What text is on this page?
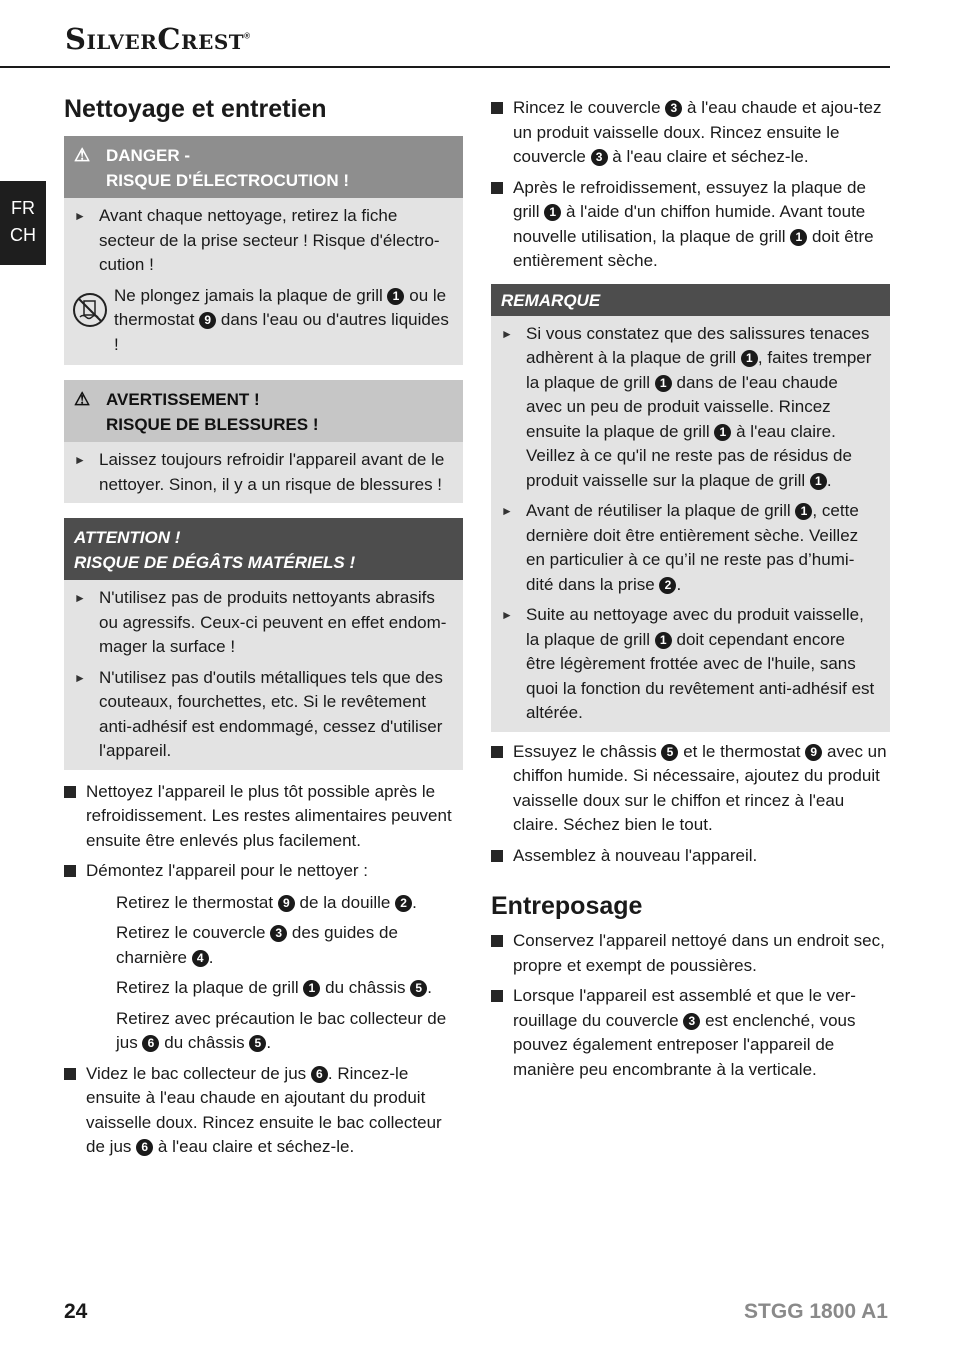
SilverCrest®
FR
CH
Nettoyage et entretien
⚠ DANGER -
RISQUE D'ÉLECTROCUTION !
► Avant chaque nettoyage, retirez la fiche secteur de la prise secteur ! Risque d'électro-cution !
Ne plongez jamais la plaque de grill 1 ou le thermostat 9 dans l'eau ou d'autres liquides !
⚠ AVERTISSEMENT !
RISQUE DE BLESSURES !
► Laissez toujours refroidir l'appareil avant de le nettoyer. Sinon, il y a un risque de blessures !
ATTENTION !
RISQUE DE DÉGÂTS MATÉRIELS !
► N'utilisez pas de produits nettoyants abrasifs ou agressifs. Ceux-ci peuvent en effet endom-mager la surface !
► N'utilisez pas d'outils métalliques tels que des couteaux, fourchettes, etc. Si le revêtement anti-adhésif est endommagé, cessez d'utiliser l'appareil.
Nettoyez l'appareil le plus tôt possible après le refroidissement. Les restes alimentaires peuvent ensuite être enlevés plus facilement.
Démontez l'appareil pour le nettoyer :
Retirez le thermostat 9 de la douille 2 .
Retirez le couvercle 3 des guides de charnière 4 .
Retirez la plaque de grill 1 du châssis 5 .
Retirez avec précaution le bac collecteur de jus 6 du châssis 5 .
Videz le bac collecteur de jus 6 . Rincez-le ensuite à l'eau chaude en ajoutant du produit vaisselle doux. Rincez ensuite le bac collecteur de jus 6 à l'eau claire et séchez-le.
Rincez le couvercle 3 à l'eau chaude et ajou-tez un produit vaisselle doux. Rincez ensuite le couvercle 3 à l'eau claire et séchez-le.
Après le refroidissement, essuyez la plaque de grill 1 à l'aide d'un chiffon humide. Avant toute nouvelle utilisation, la plaque de grill 1 doit être entièrement sèche.
REMARQUE
► Si vous constatez que des salissures tenaces adhèrent à la plaque de grill 1 , faites tremper la plaque de grill 1 dans de l'eau chaude avec un peu de produit vaisselle. Rincez ensuite la plaque de grill 1 à l'eau claire. Veillez à ce qu'il ne reste pas de résidus de produit vaisselle sur la plaque de grill 1 .
► Avant de réutiliser la plaque de grill 1 , cette dernière doit être entièrement sèche. Veillez en particulier à ce qu’il ne reste pas d’humi-dité dans la prise 2 .
► Suite au nettoyage avec du produit vaisselle, la plaque de grill 1 doit cependant encore être légèrement frottée avec de l'huile, sans quoi la fonction du revêtement anti-adhésif est altérée.
Essuyez le châssis 5 et le thermostat 9 avec un chiffon humide. Si nécessaire, ajoutez du produit vaisselle doux sur le chiffon et rincez à l'eau claire. Séchez bien le tout.
Assemblez à nouveau l'appareil.
Entreposage
Conservez l'appareil nettoyé dans un endroit sec, propre et exempt de poussières.
Lorsque l'appareil est assemblé et que le ver-rouillage du couvercle 3 est enclenché, vous pouvez également entreposer l'appareil de manière peu encombrante à la verticale.
24	STGG 1800 A1
